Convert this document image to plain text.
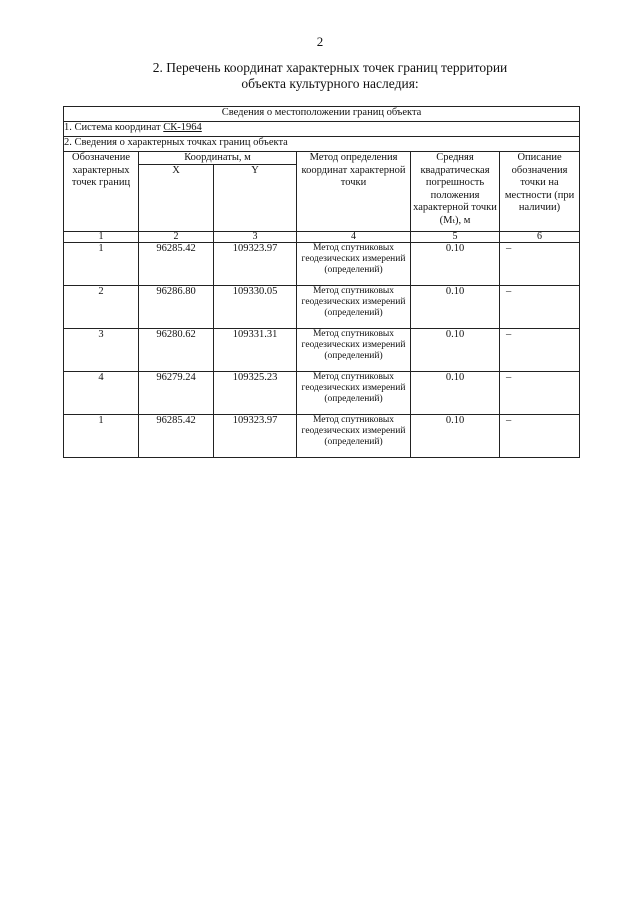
2
2. Перечень координат характерных точек границ территории
объекта культурного наследия:
Сведения о местоположении границ объекта					
1. Система координат СК-1964					
2. Сведения о характерных точках границ объекта					
Обозначение характерных точек границ	Координаты, м		Метод определения координат характерной точки	Средняя квадратическая погрешность положения характерной точки (Мₜ), м	Описание обозначения точки на местности (при наличии)
	X	Y			
1	2	3	4	5	6
1	96285.42	109323.97	Метод спутниковых геодезических измерений (определений)	0.10	–
2	96286.80	109330.05	Метод спутниковых геодезических измерений (определений)	0.10	–
3	96280.62	109331.31	Метод спутниковых геодезических измерений (определений)	0.10	–
4	96279.24	109325.23	Метод спутниковых геодезических измерений (определений)	0.10	–
1	96285.42	109323.97	Метод спутниковых геодезических измерений (определений)	0.10	–
